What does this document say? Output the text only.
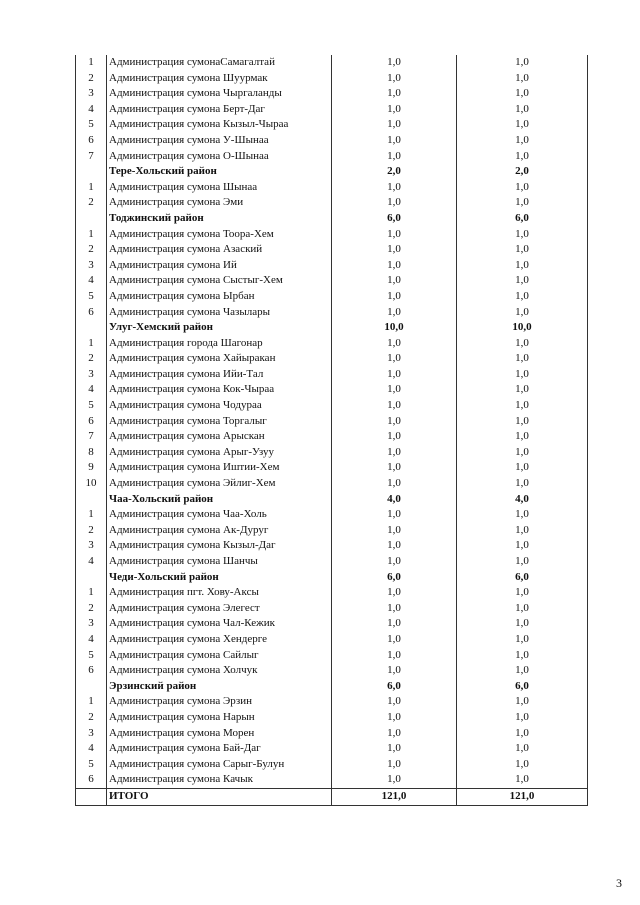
1	Администрация сумонаСамагалтай	1,0	1,0
2	Администрация сумона Шуурмак	1,0	1,0
3	Администрация сумона Чыргаланды	1,0	1,0
4	Администрация сумона Берт-Даг	1,0	1,0
5	Администрация сумона Кызыл-Чыраа	1,0	1,0
6	Администрация сумона У-Шынаа	1,0	1,0
7	Администрация сумона О-Шынаа	1,0	1,0
	Тере-Хольский район	2,0	2,0
1	Администрация сумона Шынаа	1,0	1,0
2	Администрация сумона Эми	1,0	1,0
	Тоджинский район	6,0	6,0
1	Администрация сумона Тоора-Хем	1,0	1,0
2	Администрация сумона Азаский	1,0	1,0
3	Администрация сумона Ий	1,0	1,0
4	Администрация сумона Сыстыг-Хем	1,0	1,0
5	Администрация сумона Ырбан	1,0	1,0
6	Администрация сумона Чазылары	1,0	1,0
	Улуг-Хемский район	10,0	10,0
1	Администрация города Шагонар	1,0	1,0
2	Администрация сумона Хайыракан	1,0	1,0
3	Администрация сумона Ийи-Тал	1,0	1,0
4	Администрация сумона Кок-Чыраа	1,0	1,0
5	Администрация сумона Чодураа	1,0	1,0
6	Администрация сумона Торгалыг	1,0	1,0
7	Администрация сумона Арыскан	1,0	1,0
8	Администрация сумона Арыг-Узуу	1,0	1,0
9	Администрация сумона Иштии-Хем	1,0	1,0
10	Администрация сумона Эйлиг-Хем	1,0	1,0
	Чаа-Хольский район	4,0	4,0
1	Администрация сумона Чаа-Холь	1,0	1,0
2	Администрация сумона Ак-Дуруг	1,0	1,0
3	Администрация сумона Кызыл-Даг	1,0	1,0
4	Администрация сумона Шанчы	1,0	1,0
	Чеди-Хольский район	6,0	6,0
1	Администрация пгт. Хову-Аксы	1,0	1,0
2	Администрация сумона Элегест	1,0	1,0
3	Администрация сумона Чал-Кежик	1,0	1,0
4	Администрация сумона Хендерге	1,0	1,0
5	Администрация сумона Сайлыг	1,0	1,0
6	Администрация сумона Холчук	1,0	1,0
	Эрзинский район	6,0	6,0
1	Администрация сумона Эрзин	1,0	1,0
2	Администрация сумона Нарын	1,0	1,0
3	Администрация сумона Морен	1,0	1,0
4	Администрация сумона Бай-Даг	1,0	1,0
5	Администрация сумона Сарыг-Булун	1,0	1,0
6	Администрация сумона Качык	1,0	1,0
	ИТОГО	121,0	121,0
3
